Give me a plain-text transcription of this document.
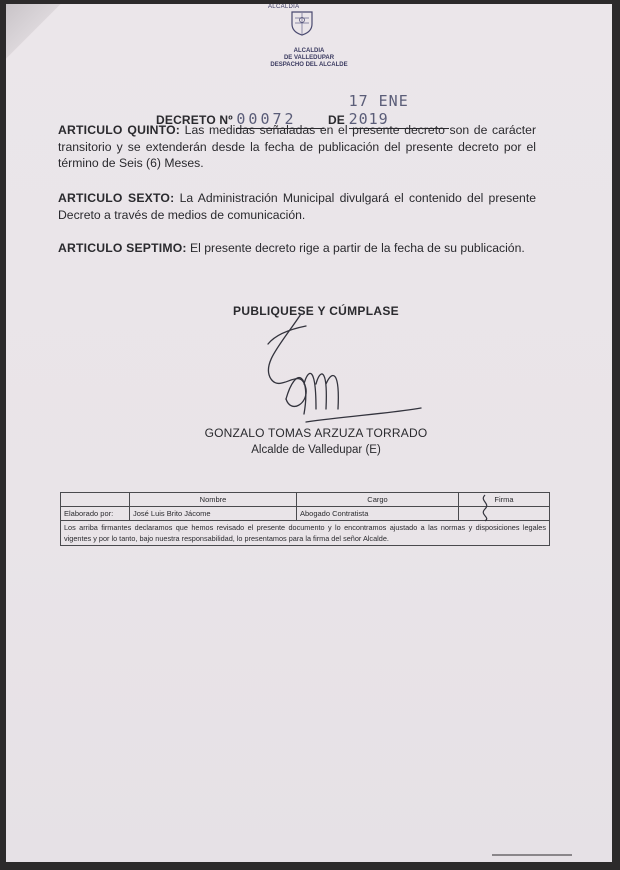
ALCALDIA
ALCALDIA
DE VALLEDUPAR
DESPACHO DEL ALCALDE
DECRETO Nº 00072	DE 17 ENE 2019
ARTICULO QUINTO: Las medidas señaladas en el presente decreto son de carácter transitorio y se extenderán desde la fecha de publicación del presente decreto por el término de Seis (6) Meses.
ARTICULO SEXTO: La Administración Municipal divulgará el contenido del presente Decreto a través de medios de comunicación.
ARTICULO SEPTIMO: El presente decreto rige a partir de la fecha de su publicación.
PUBLIQUESE Y CÚMPLASE
GONZALO TOMAS ARZUZA TORRADO
Alcalde de Valledupar (E)
	Nombre	Cargo	Firma
Elaborado por:	José Luis Brito Jácome	Abogado Contratista	

Los arriba firmantes declaramos que hemos revisado el presente documento y lo encontramos ajustado a las normas y disposiciones legales vigentes y por lo tanto, bajo nuestra responsabilidad, lo presentamos para la firma del señor Alcalde.			
